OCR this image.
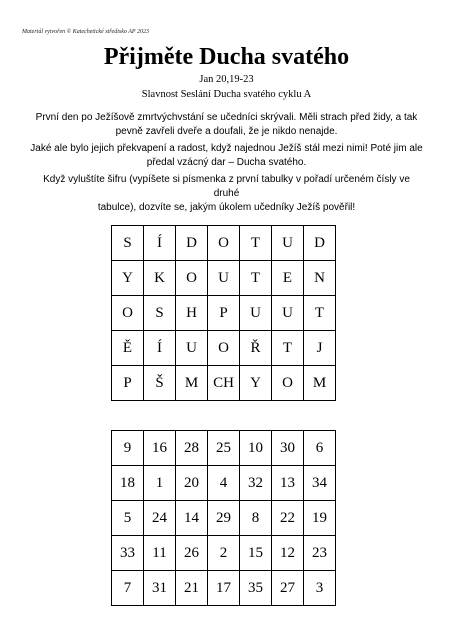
Materiál vytvořen © Katechetické středisko AP 2023
Přijměte Ducha svatého
Jan 20,19-23
Slavnost Seslání Ducha svatého cyklu A
První den po Ježíšově zmrtvýchvstání se učedníci skrývali. Měli strach před židy, a tak
pevně zavřeli dveře a doufali, že je nikdo nenajde.
Jaké ale bylo jejich překvapení a radost, když najednou Ježíš stál mezi nimi! Poté jim ale
předal vzácný dar – Ducha svatého.
Když vyluštíte šifru (vypíšete si písmenka z první tabulky v pořadí určeném čísly ve druhé
tabulce), dozvíte se, jakým úkolem učedníky Ježíš pověřil!
S	Í	D	O	T	U	D
Y	K	O	U	T	E	N
O	S	H	P	U	U	T
Ě	Í	U	O	Ř	T	J
P	Š	M	CH	Y	O	M
9	16	28	25	10	30	6
18	1	20	4	32	13	34
5	24	14	29	8	22	19
33	11	26	2	15	12	23
7	31	21	17	35	27	3
